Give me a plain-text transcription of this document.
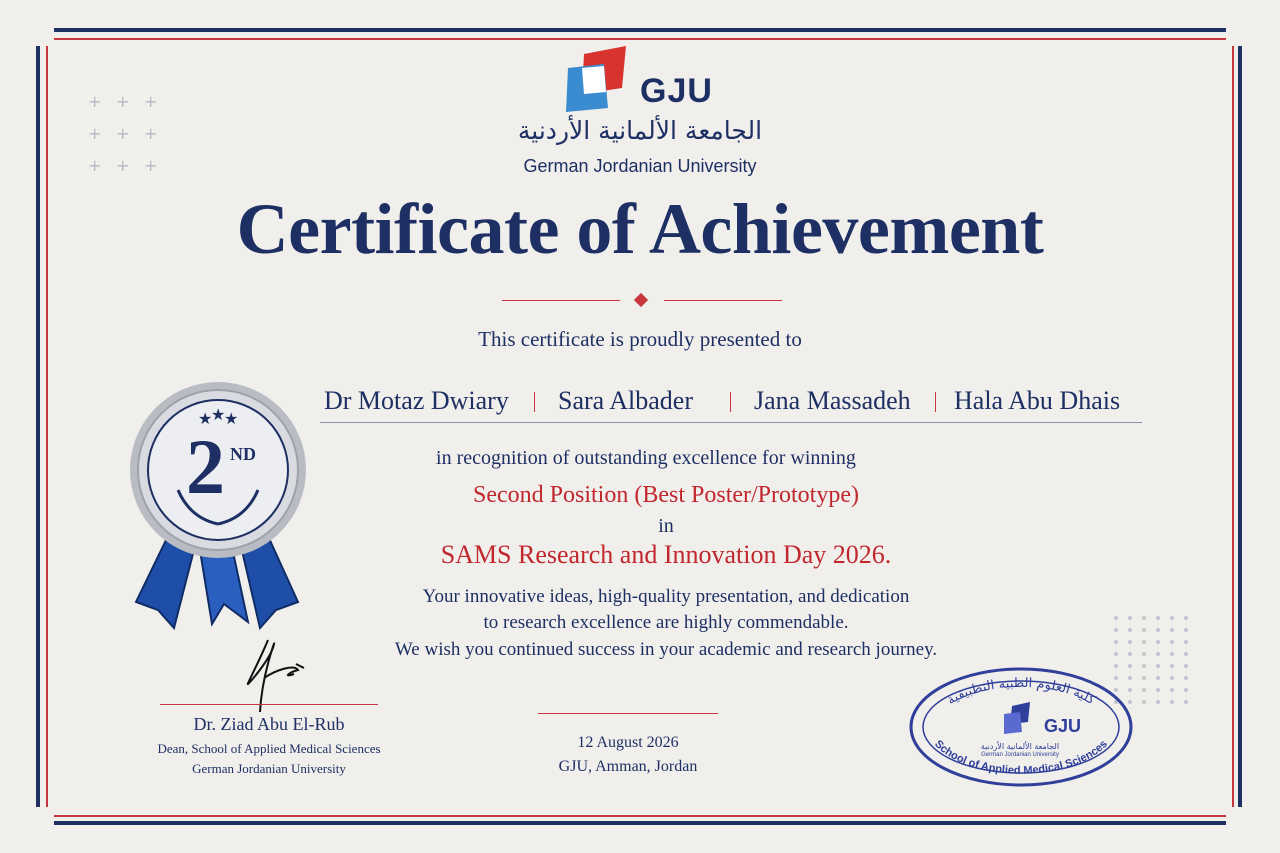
+ + +
+ + +
+ + +
GJU
الجامعة الألمانية الأردنية
German Jordanian University
Certificate of Achievement
This certificate is proudly presented to
Dr Motaz Dwiary Sara Albader Jana Massadeh Hala Abu Dhais
in recognition of outstanding excellence for winning
Second Position (Best Poster/Prototype)
in
SAMS Research and Innovation Day 2026.
Your innovative ideas, high-quality presentation, and dedication
to research excellence are highly commendable.
We wish you continued success in your academic and research journey.
★
★
★
2 ND
Dr. Ziad Abu El-Rub
Dean, School of Applied Medical Sciences
German Jordanian University
12 August 2026
GJU, Amman, Jordan
كلية العلوم الطبية التطبيقية
School of Applied Medical Sciences
GJU
الجامعة الألمانية الأردنية
German Jordanian University
